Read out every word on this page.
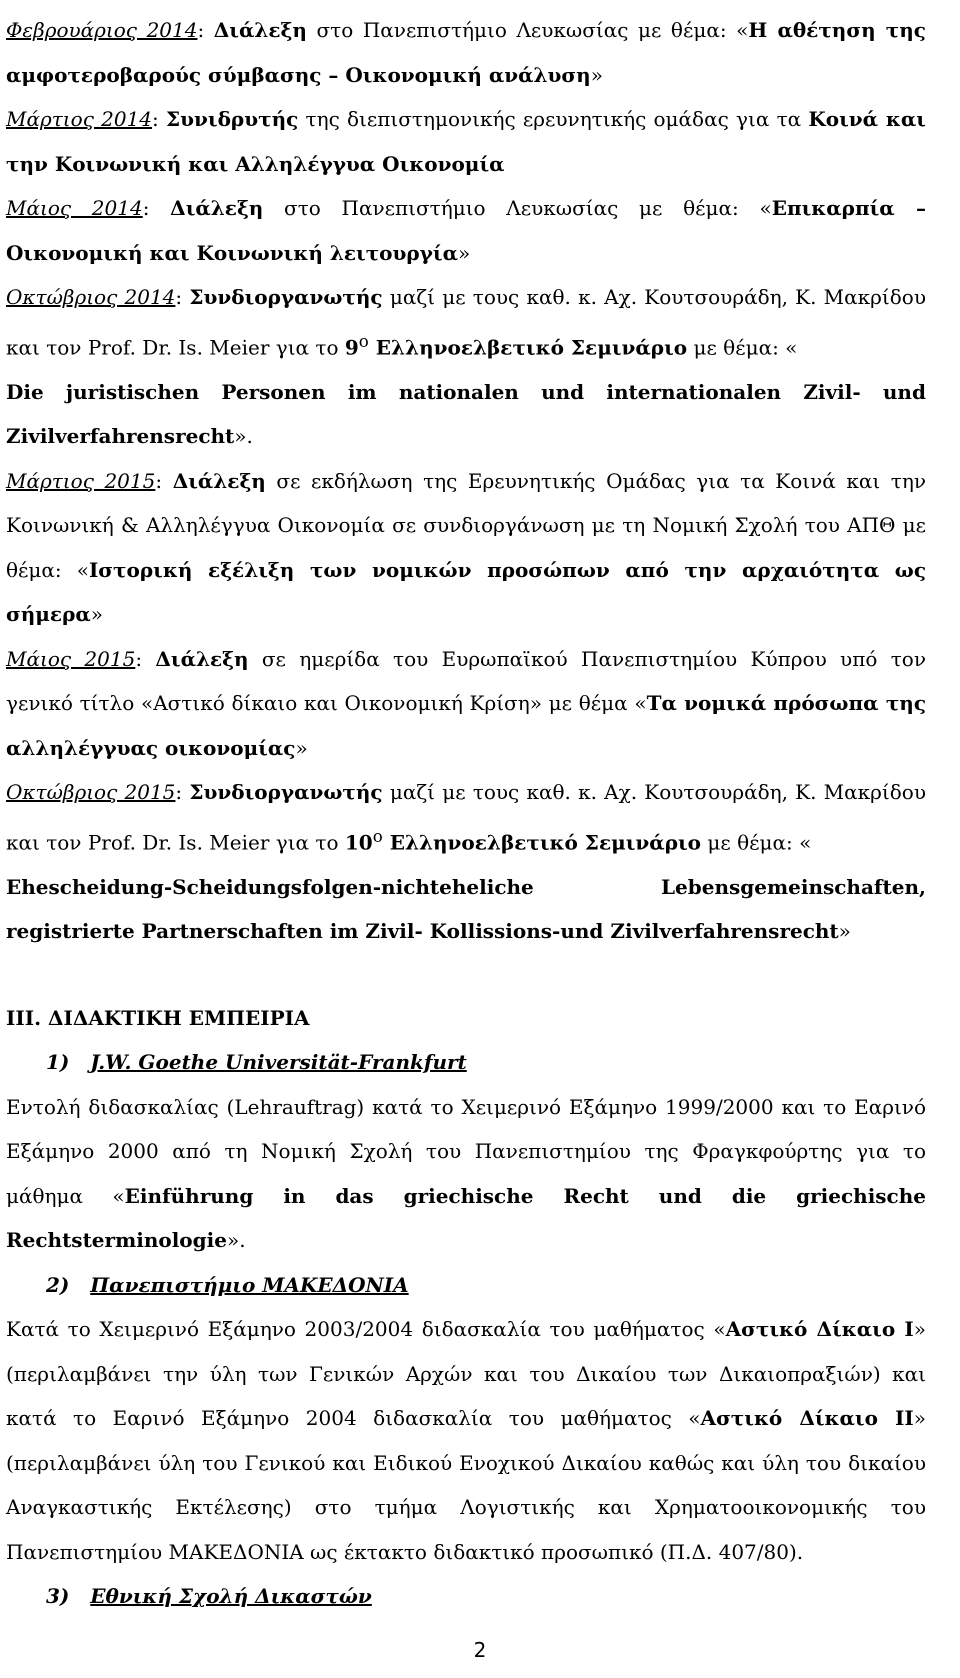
Φεβρουάριος 2014: Διάλεξη στο Πανεπιστήμιο Λευκωσίας με θέμα: «Η αθέτηση της αμφοτεροβαρούς σύμβασης – Οικονομική ανάλυση»

Μάρτιος 2014: Συνιδρυτής της διεπιστημονικής ερευνητικής ομάδας για τα Κοινά και την Κοινωνική και Αλληλέγγυα Οικονομία

Μάιος 2014: Διάλεξη στο Πανεπιστήμιο Λευκωσίας με θέμα: «Επικαρπία – Οικονομική και Κοινωνική λειτουργία»

Οκτώβριος 2014: Συνδιοργανωτής μαζί με τους καθ. κ. Αχ. Κουτσουράδη, Κ. Μακρίδου και τον Prof. Dr. Is. Meier για το $9^o$ Ελληνοελβετικό Σεμινάριο με θέμα: «

Die juristischen Personen im nationalen und internationalen Zivil- und

Zivilverfahrensrecht».

Μάρτιος 2015: Διάλεξη σε εκδήλωση της Ερευνητικής Ομάδας για τα Κοινά και την Κοινωνική & Αλληλέγγυα Οικονομία σε συνδιοργάνωση με τη Νομική Σχολή του ΑΠΘ με θέμα: «Ιστορική εξέλιξη των νομικών προσώπων από την αρχαιότητα ως σήμερα»

Μάιος 2015: Διάλεξη σε ημερίδα του Ευρωπαϊκού Πανεπιστημίου Κύπρου υπό τον γενικό τίτλο «Αστικό δίκαιο και Οικονομική Κρίση» με θέμα «Τα νομικά πρόσωπα της αλληλέγγυας οικονομίας»

Οκτώβριος 2015: Συνδιοργανωτής μαζί με τους καθ. κ. Αχ. Κουτσουράδη, Κ. Μακρίδου και τον Prof. Dr. Is. Meier για το $10^o$ Ελληνοελβετικό Σεμινάριο με θέμα: «

Ehescheidung-Scheidungsfolgen-nichteheliche	Lebensgemeinschaften,

registrierte Partnerschaften im Zivil- Kollissions-und Zivilverfahrensrecht»

III. ΔΙΔΑΚΤΙΚΗ ΕΜΠΕΙΡΙΑ

1) J.W. Goethe Universität-Frankfurt

Εντολή διδασκαλίας (Lehrauftrag) κατά το Χειμερινό Εξάμηνο 1999/2000 και το Εαρινό Εξάμηνο 2000 από τη Νομική Σχολή του Πανεπιστημίου της Φραγκφούρτης για το μάθημα «Einführung in das griechische Recht und die griechische Rechtsterminologie».

2) Πανεπιστήμιο ΜΑΚΕΔΟΝΙΑ

Κατά το Χειμερινό Εξάμηνο 2003/2004 διδασκαλία του μαθήματος «Αστικό Δίκαιο Ι» (περιλαμβάνει την ύλη των Γενικών Αρχών και του Δικαίου των Δικαιοπραξιών) και κατά το Εαρινό Εξάμηνο 2004 διδασκαλία του μαθήματος «Αστικό Δίκαιο ΙΙ» (περιλαμβάνει ύλη του Γενικού και Ειδικού Ενοχικού Δικαίου καθώς και ύλη του δικαίου Αναγκαστικής Εκτέλεσης) στο τμήμα Λογιστικής και Χρηματοοικονομικής του Πανεπιστημίου ΜΑΚΕΔΟΝΙΑ ως έκτακτο διδακτικό προσωπικό (Π.Δ. 407/80).

3) Εθνική Σχολή Δικαστών

2
